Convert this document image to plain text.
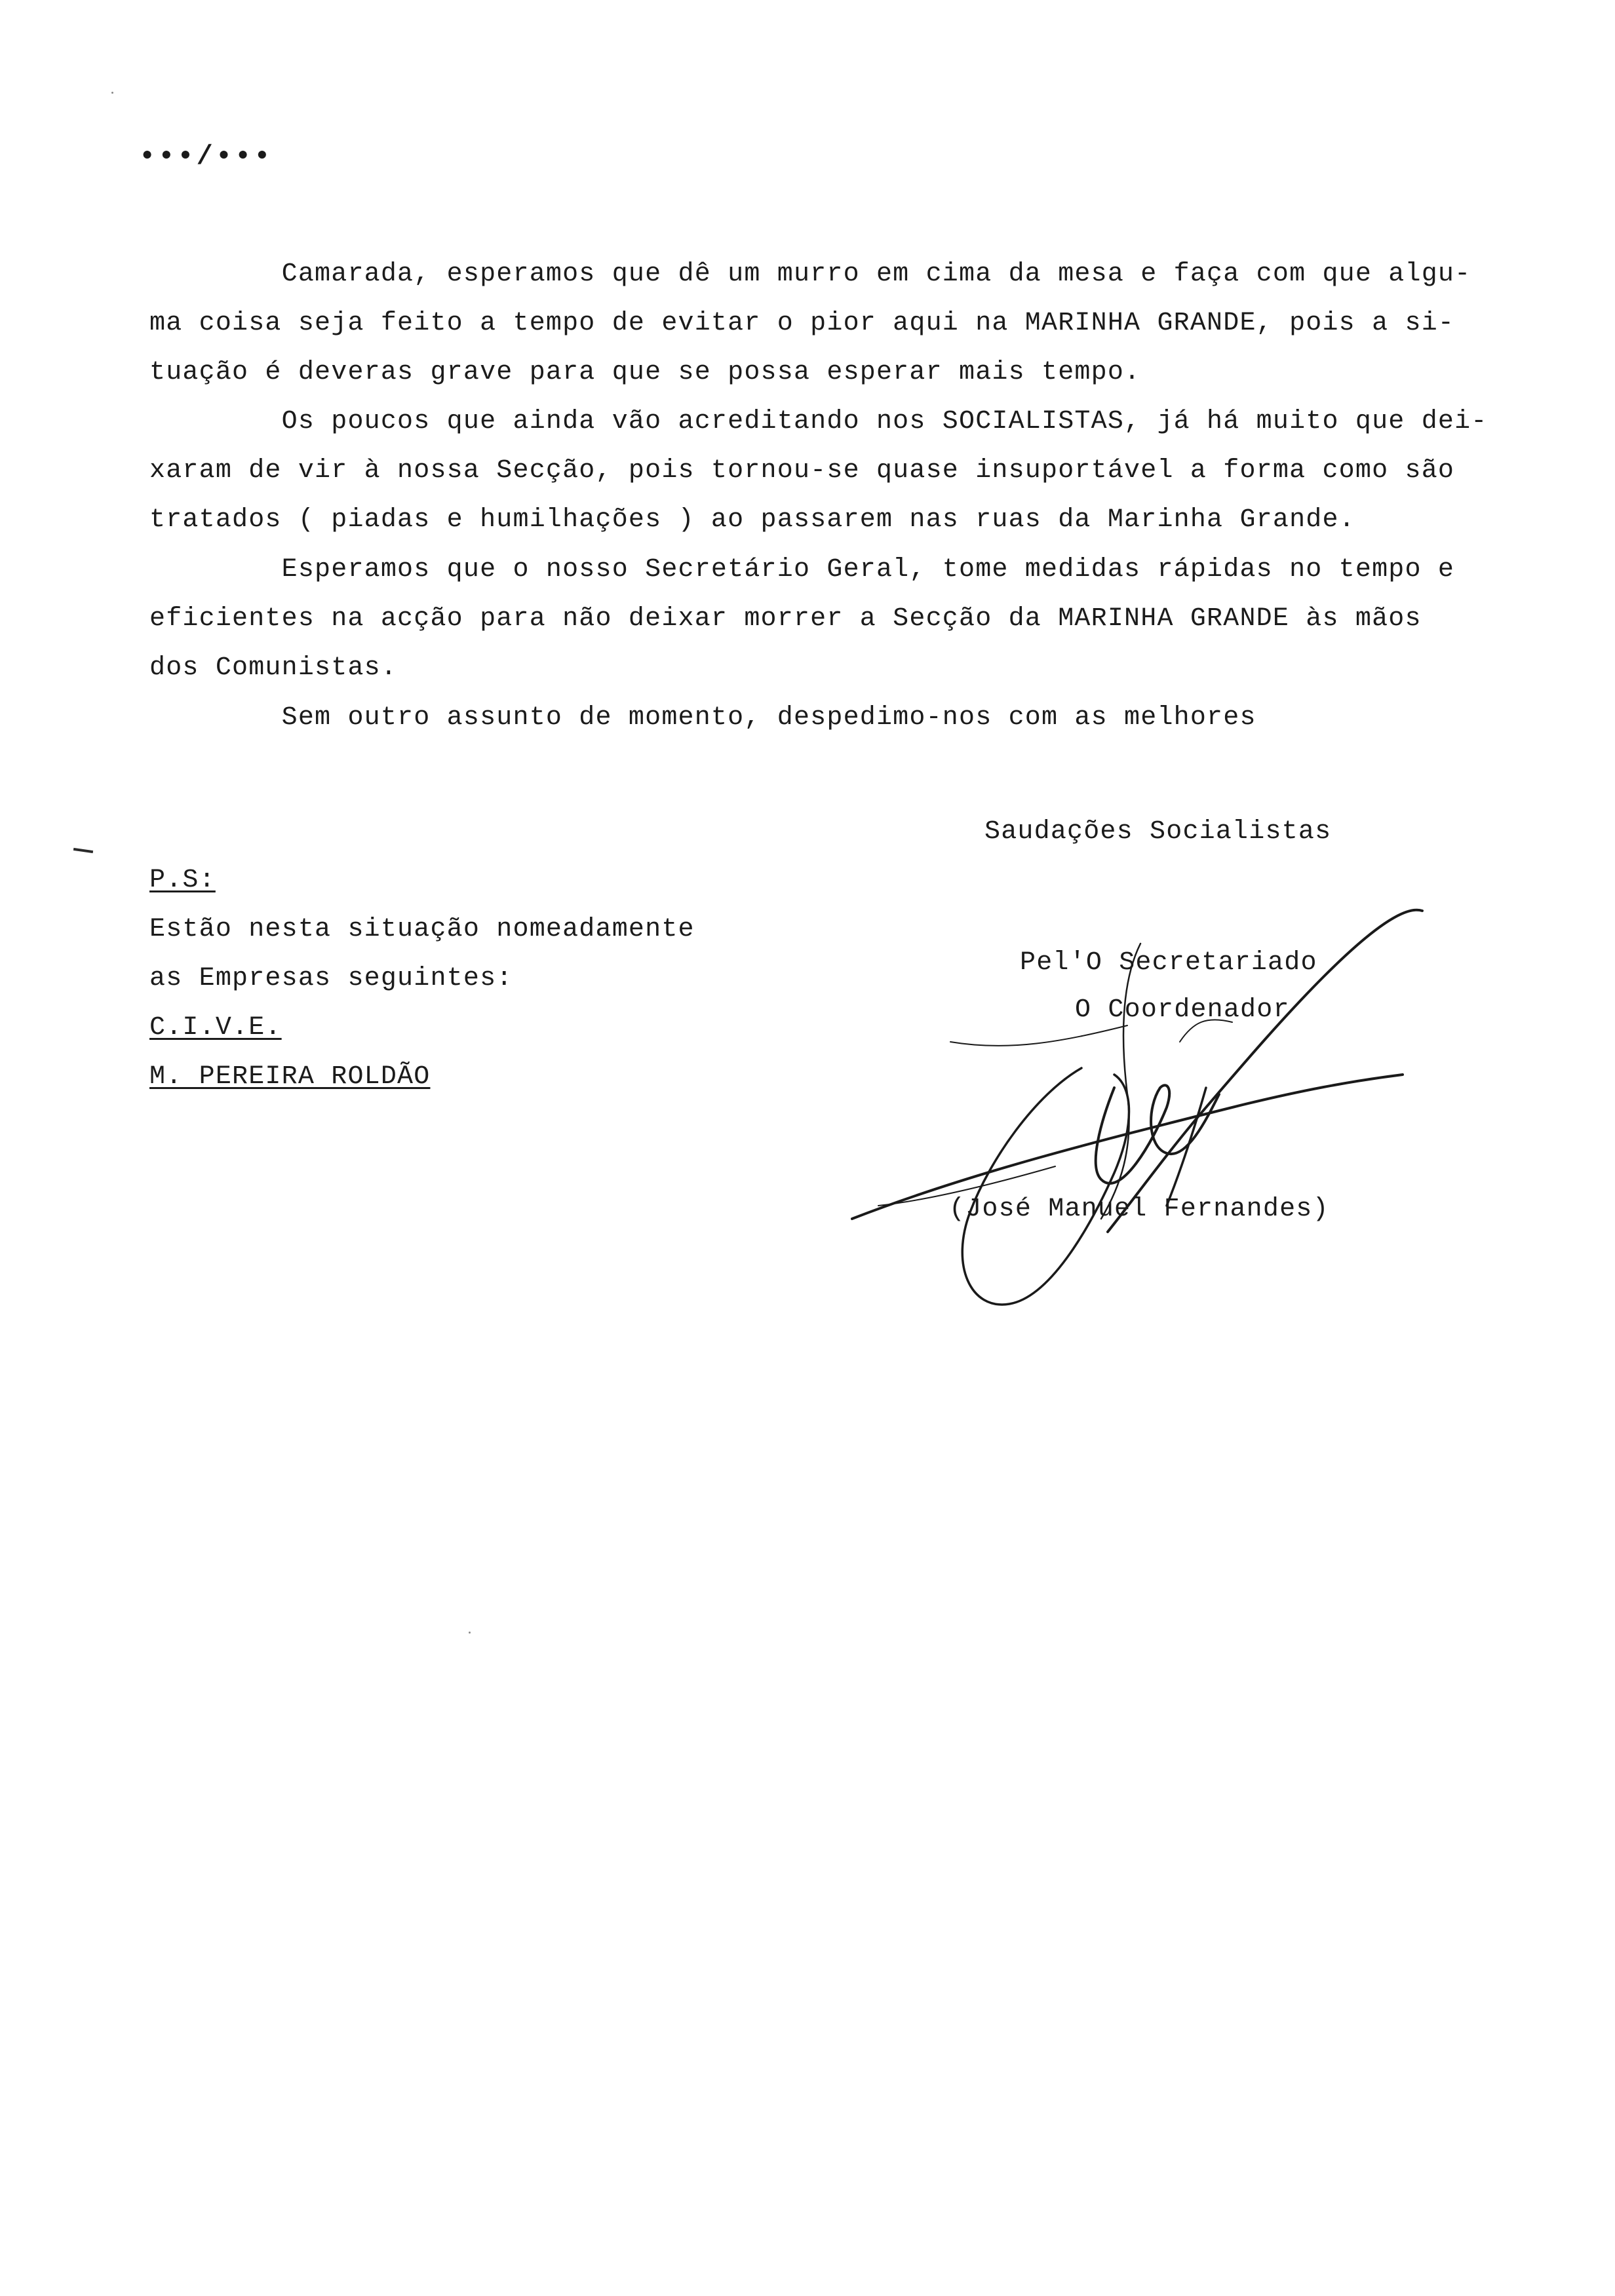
•••/•••
Camarada, esperamos que dê um murro em cima da mesa e faça com que algu-
ma coisa seja feito a tempo de evitar o pior aqui na MARINHA GRANDE, pois a si-
tuação é deveras grave para que se possa esperar mais tempo.
Os poucos que ainda vão acreditando nos SOCIALISTAS, já há muito que dei-
xaram de vir à nossa Secção, pois tornou-se quase insuportável a forma como são
tratados ( piadas e humilhações ) ao passarem nas ruas da Marinha Grande.
Esperamos que o nosso Secretário Geral, tome medidas rápidas no tempo e
eficientes na acção para não deixar morrer a Secção da MARINHA GRANDE às mãos
dos Comunistas.
Sem outro assunto de momento, despedimo-nos com as melhores
Saudações Socialistas
P.S:
Estão nesta situação nomeadamente
as Empresas seguintes:
C.I.V.E.
M. PEREIRA ROLDÃO
Pel'O Secretariado
O Coordenador
(José Manuel Fernandes)
